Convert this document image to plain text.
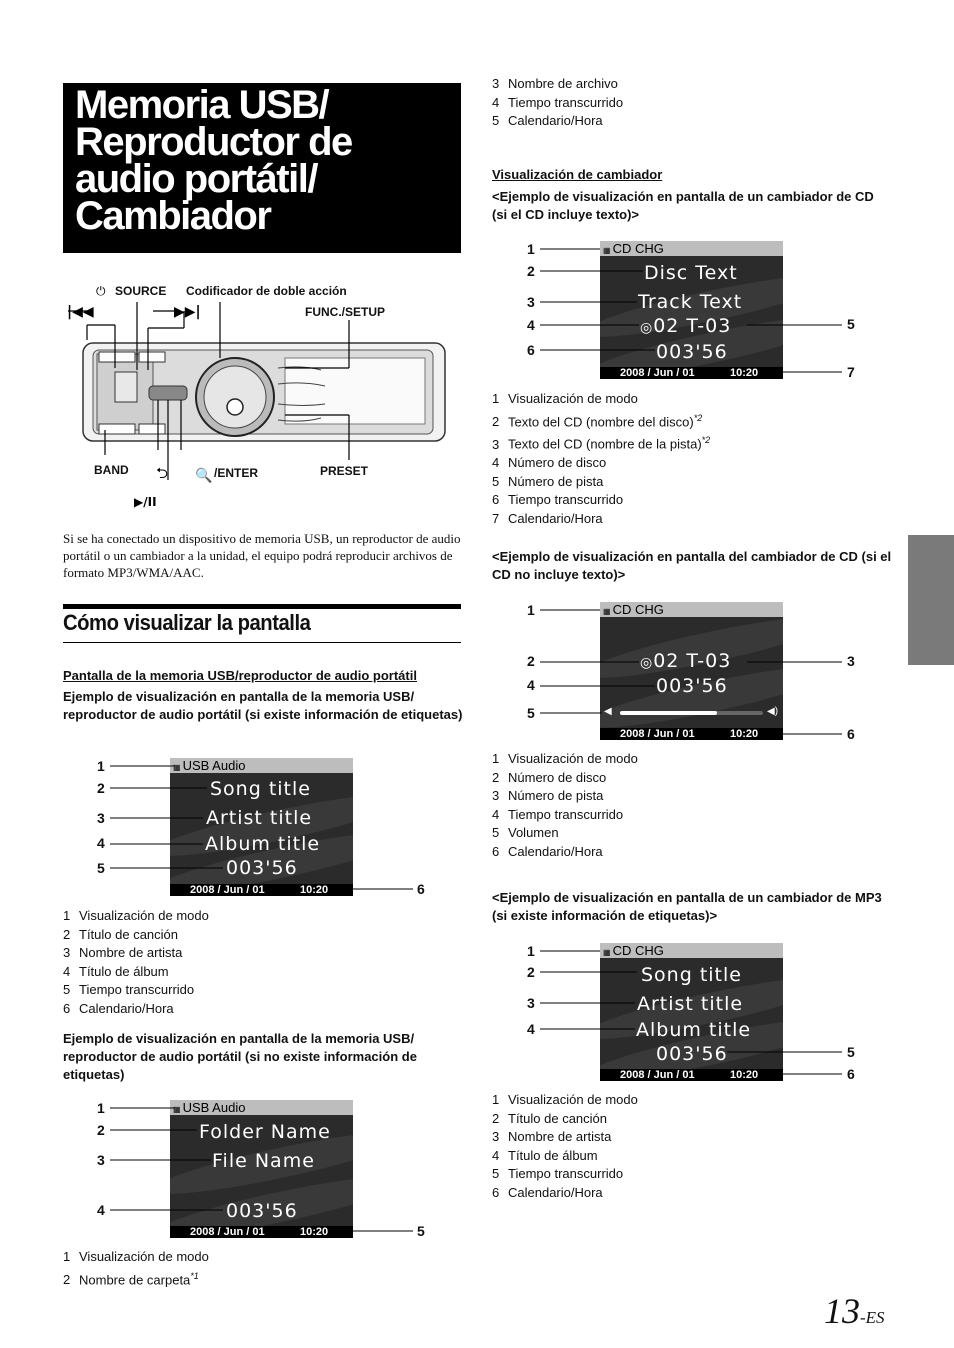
Memoria USB/
Reproductor de
audio portátil/
Cambiador
|◀◀	▶▶|
⏻
⮌ 🔍
▶/II
SOURCE Codificador de doble acción
FUNC./SETUP
BAND	/ENTER	PRESET
Si se ha conectado un dispositivo de memoria USB, un reproductor de audio portátil o un cambiador a la unidad, el equipo podrá reproducir archivos de formato MP3/WMA/AAC.
Cómo visualizar la pantalla
Pantalla de la memoria USB/reproductor de audio portátil
Ejemplo de visualización en pantalla de la memoria USB/ reproductor de audio portátil (si existe información de etiquetas)
▦ USB Audio
Song title
Artist title
Album title
003'56
2008 / Jun / 01	10:20
1
2
3
4
5
6
1 Visualización de modo
2 Título de canción
3 Nombre de artista
4 Título de álbum
5 Tiempo transcurrido
6 Calendario/Hora
Ejemplo de visualización en pantalla de la memoria USB/ reproductor de audio portátil (si no existe información de etiquetas)
▦ USB Audio
Folder Name
File Name
003'56
2008 / Jun / 01	10:20
1
2
3
4
5
1 Visualización de modo
2 Nombre de carpeta$^{*1}$
3 Nombre de archivo
4 Tiempo transcurrido
5 Calendario/Hora
Visualización de cambiador
<Ejemplo de visualización en pantalla de un cambiador de CD (si el CD incluye texto)>
▦ CD CHG
Disc Text
Track Text
◎02 T-03
003'56
2008 / Jun / 01	10:20
1
2
3
4
6
5
7
1 Visualización de modo
2 Texto del CD (nombre del disco)$^{*2}$
3 Texto del CD (nombre de la pista)$^{*2}$
4 Número de disco
5 Número de pista
6 Tiempo transcurrido
7 Calendario/Hora
<Ejemplo de visualización en pantalla del cambiador de CD (si el CD no incluye texto)>
▦ CD CHG
◎02 T-03
003'56
◀	◀)
2008 / Jun / 01	10:20
1
2
4
5
3
6
1 Visualización de modo
2 Número de disco
3 Número de pista
4 Tiempo transcurrido
5 Volumen
6 Calendario/Hora
<Ejemplo de visualización en pantalla de un cambiador de MP3 (si existe información de etiquetas)>
▦ CD CHG
Song title
Artist title
Album title
003'56
2008 / Jun / 01	10:20
1
2
3
4
5
6
1 Visualización de modo
2 Título de canción
3 Nombre de artista
4 Título de álbum
5 Tiempo transcurrido
6 Calendario/Hora
13-ES
